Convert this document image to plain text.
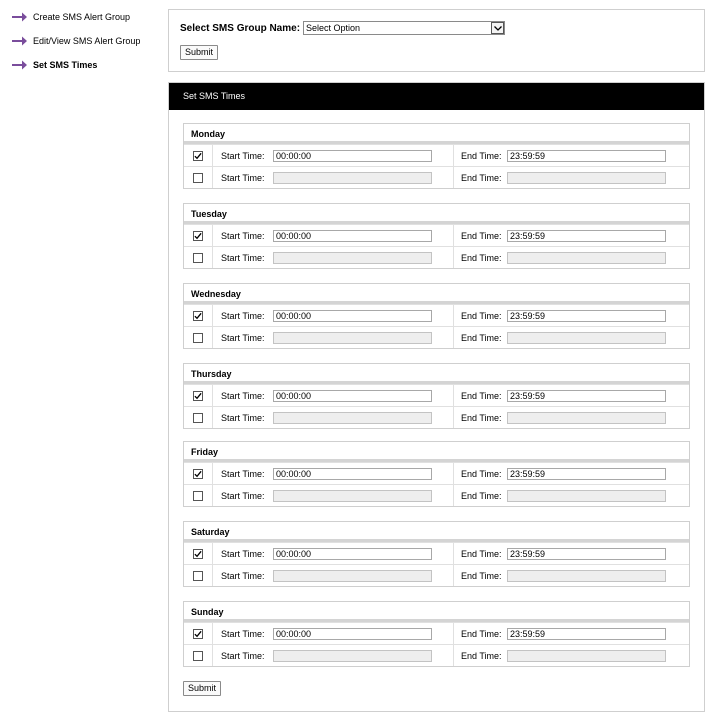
Create SMS Alert Group
Edit/View SMS Alert Group
Set SMS Times
Select SMS Group Name: Select Option
Submit
Set SMS Times
Monday
Start Time:	00:00:00	End Time: 23:59:59
Start Time:	End Time:
Tuesday
Start Time:	00:00:00	End Time: 23:59:59
Start Time:	End Time:
Wednesday
Start Time:	00:00:00	End Time: 23:59:59
Start Time:	End Time:
Thursday
Start Time:	00:00:00	End Time: 23:59:59
Start Time:	End Time:
Friday
Start Time:	00:00:00	End Time: 23:59:59
Start Time:	End Time:
Saturday
Start Time:	00:00:00	End Time: 23:59:59
Start Time:	End Time:
Sunday
Start Time:	00:00:00	End Time: 23:59:59
Start Time:	End Time:
Submit
